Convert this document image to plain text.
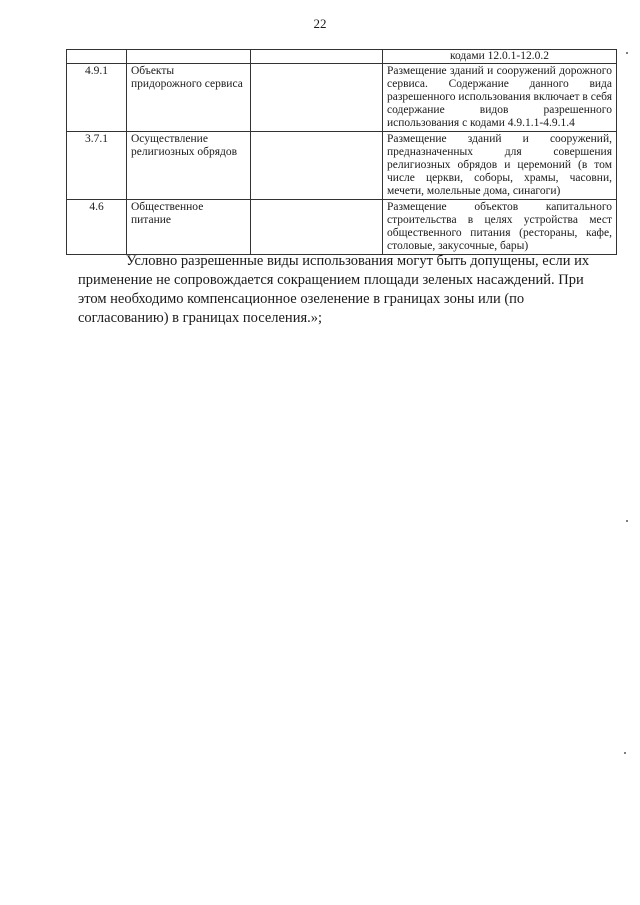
22
			кодами 12.0.1-12.0.2
4.9.1	Объекты придорожного сервиса		Размещение зданий и сооружений дорожного сервиса. Содержание данного вида разрешенного использования включает в себя содержание видов разрешенного использования с кодами 4.9.1.1-4.9.1.4
3.7.1	Осуществление религиозных обрядов		Размещение зданий и сооружений, предназначенных для совершения религиозных обрядов и церемоний (в том числе церкви, соборы, храмы, часовни, мечети, молельные дома, синагоги)
4.6	Общественное питание		Размещение объектов капитального строительства в целях устройства мест общественного питания (рестораны, кафе, столовые, закусочные, бары)

Условно разрешенные виды использования могут быть допущены, если их применение не сопровождается сокращением площади зеленых насаждений. При этом необходимо компенсационное озеленение в границах зоны или (по согласованию) в границах поселения.»;
